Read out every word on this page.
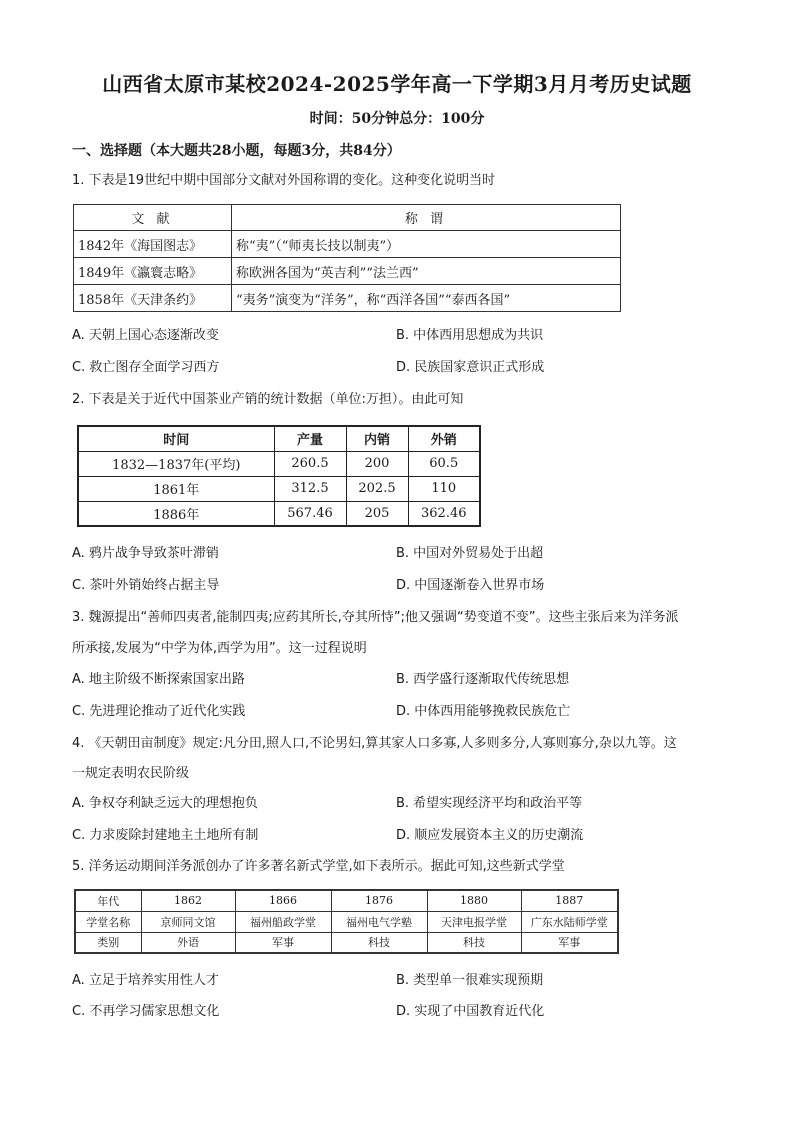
山西省太原市某校2024-2025学年高一下学期3月月考历史试题
时间：50分钟总分：100分
一、选择题（本大题共28小题，每题3分，共84分）
1. 下表是19世纪中期中国部分文献对外国称谓的变化。这种变化说明当时
文 献	称 谓
1842年《海国图志》	称“夷”（“师夷长技以制夷”）
1849年《瀛寰志略》	称欧洲各国为“英吉利”“法兰西”
1858年《天津条约》	“夷务”演变为“洋务”，称“西洋各国”“泰西各国”
A. 天朝上国心态逐渐改变	B. 中体西用思想成为共识
C. 救亡图存全面学习西方	D. 民族国家意识正式形成
2. 下表是关于近代中国茶业产销的统计数据（单位:万担）。由此可知
时间	产量	内销	外销
1832—1837年(平均)	260.5	200	60.5
1861年	312.5	202.5	110
1886年	567.46	205	362.46
A. 鸦片战争导致茶叶滞销	B. 中国对外贸易处于出超
C. 茶叶外销始终占据主导	D. 中国逐渐卷入世界市场
3. 魏源提出“善师四夷者,能制四夷;应药其所长,夺其所恃”;他又强调“势变道不变”。这些主张后来为洋务派
所承接,发展为“中学为体,西学为用”。这一过程说明
A. 地主阶级不断探索国家出路	B. 西学盛行逐渐取代传统思想
C. 先进理论推动了近代化实践	D. 中体西用能够挽救民族危亡
4. 《天朝田亩制度》规定:凡分田,照人口,不论男妇,算其家人口多寡,人多则多分,人寡则寡分,杂以九等。这
一规定表明农民阶级
A. 争权夺利缺乏远大的理想抱负	B. 希望实现经济平均和政治平等
C. 力求废除封建地主土地所有制	D. 顺应发展资本主义的历史潮流
5. 洋务运动期间洋务派创办了许多著名新式学堂,如下表所示。据此可知,这些新式学堂
年代	1862	1866	1876	1880	1887
学堂名称	京师同文馆	福州船政学堂	福州电气学塾	天津电报学堂	广东水陆师学堂
类别	外语	军事	科技	科技	军事
A. 立足于培养实用性人才	B. 类型单一很难实现预期
C. 不再学习儒家思想文化	D. 实现了中国教育近代化
